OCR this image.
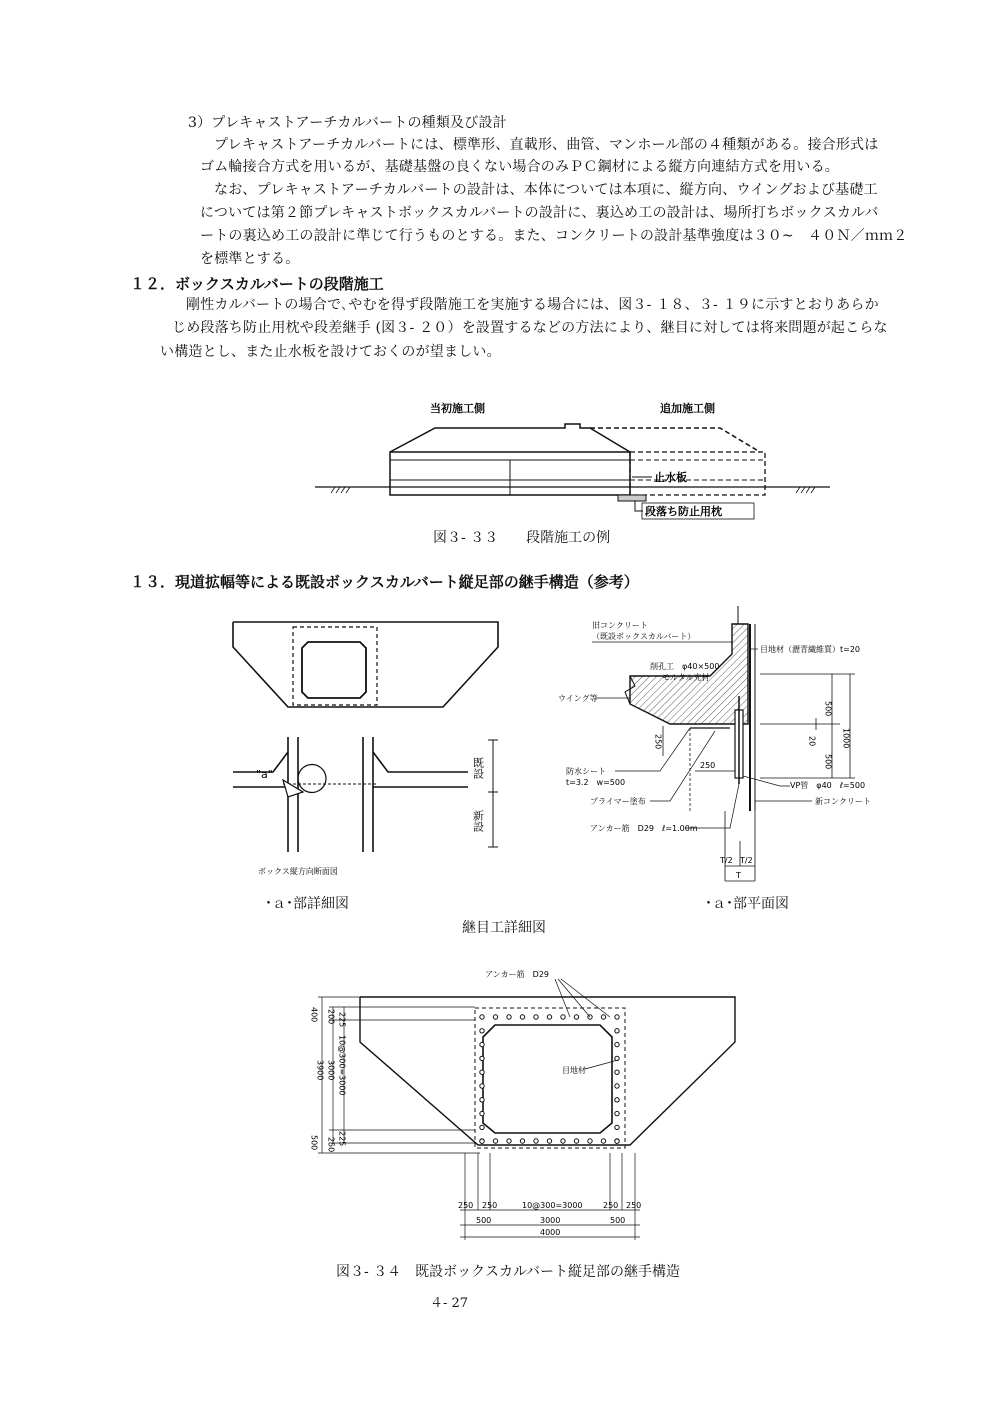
3）プレキャストアーチカルバートの種類及び設計
プレキャストアーチカルバートには、標準形、直載形、曲管、マンホール部の４種類がある。接合形式は
ゴム輪接合方式を用いるが、基礎基盤の良くない場合のみＰＣ鋼材による縦方向連結方式を用いる。
なお、プレキャストアーチカルバートの設計は、本体については本項に、縦方向、ウイングおよび基礎工
については第２節プレキャストボックスカルバートの設計に、裏込め工の設計は、場所打ちボックスカルバ
ートの裏込め工の設計に準じて行うものとする。また、コンクリートの設計基準強度は３０~　４０Ｎ／ｍｍ２
を標準とする。
１２．ボックスカルバートの段階施工
剛性カルバートの場合で､やむを得ず段階施工を実施する場合には、図３- １８、３- １９に示すとおりあらか
じめ段落ち防止用枕や段差継手 (図３- ２０）を設置するなどの方法により、継目に対しては将来問題が起こらな
い構造とし、また止水板を設けておくのが望ましい。
当初施工側	追加施工側
止水板
段落ち防止用枕
図３- ３３　　段階施工の例
１３．現道拡幅等による既設ボックスカルバート縦足部の継手構造（参考）
"a"	既設
新設
ボックス縦方向断面図
旧コンクリート
（既設ボックスカルバート）
目地材（瀝青繊維質）t=20
削孔工　φ40×500
モルタル充材
ウイング等
防水シート
t=3.2　w=500
プライマー塗布
アンカー筋　D29　ℓ=1.00m
VP管　φ40　ℓ=500
新コンクリート
500
500
1000
20
250
250
T/2 T/2
T
･ａ･部詳細図	･ａ･部平面図
継目工詳細図
アンカー筋　D29
目地材
3900 3000 10@300=3000
400 200 225
225
500 250
250 250	10@300=3000	250 250
500	3000	500
4000
図３- ３４　既設ボックスカルバート縦足部の継手構造
４- 27
